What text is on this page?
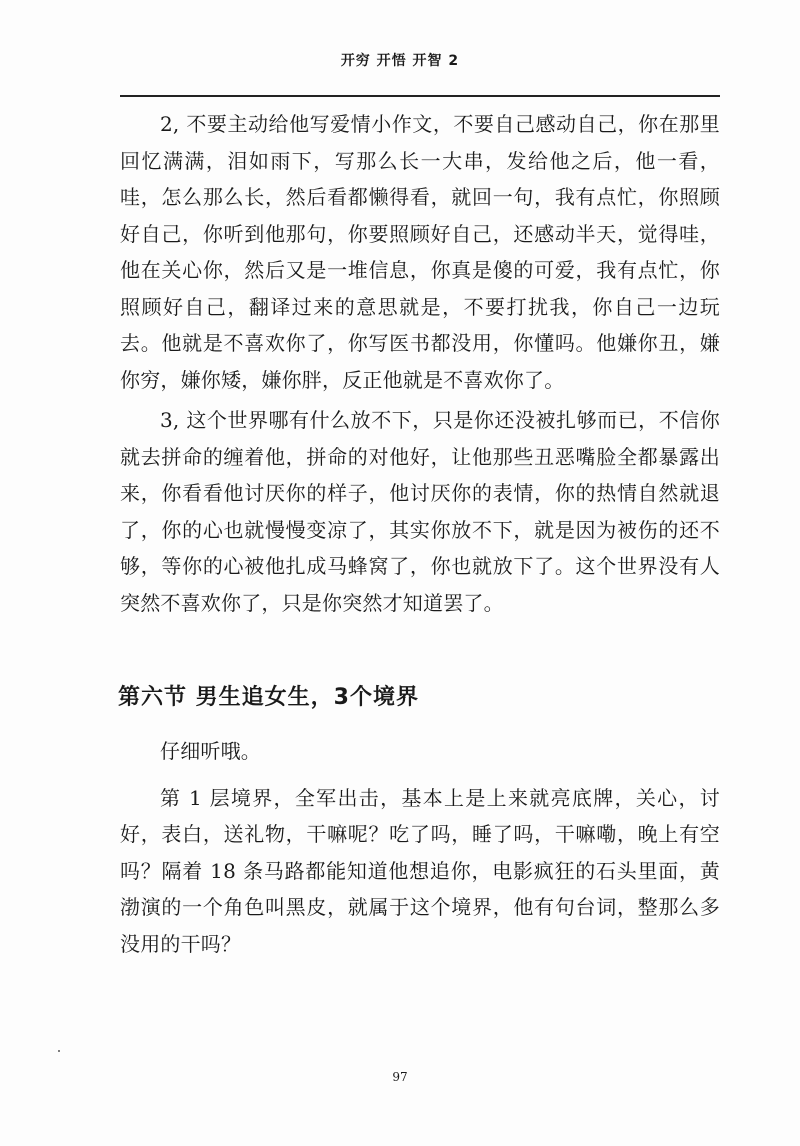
开穷 开悟 开智 2

2, 不要主动给他写爱情小作文，不要自己感动自己，你在那里回忆满满，泪如雨下，写那么长一大串，发给他之后，他一看，哇，怎么那么长，然后看都懒得看，就回一句，我有点忙，你照顾好自己，你听到他那句，你要照顾好自己，还感动半天，觉得哇，他在关心你，然后又是一堆信息，你真是傻的可爱，我有点忙，你照顾好自己，翻译过来的意思就是，不要打扰我，你自己一边玩去。他就是不喜欢你了，你写医书都没用，你懂吗。他嫌你丑，嫌你穷，嫌你矮，嫌你胖，反正他就是不喜欢你了。

3, 这个世界哪有什么放不下，只是你还没被扎够而已，不信你就去拼命的缠着他，拼命的对他好，让他那些丑恶嘴脸全都暴露出来，你看看他讨厌你的样子，他讨厌你的表情，你的热情自然就退了，你的心也就慢慢变凉了，其实你放不下，就是因为被伤的还不够，等你的心被他扎成马蜂窝了，你也就放下了。这个世界没有人突然不喜欢你了，只是你突然才知道罢了。

第六节 男生追女生，3个境界

仔细听哦。

第 1 层境界，全军出击，基本上是上来就亮底牌，关心，讨好，表白，送礼物，干嘛呢？吃了吗，睡了吗，干嘛嘞，晚上有空吗？隔着 18 条马路都能知道他想追你，电影疯狂的石头里面，黄渤演的一个角色叫黑皮，就属于这个境界，他有句台词，整那么多没用的干吗？

97
